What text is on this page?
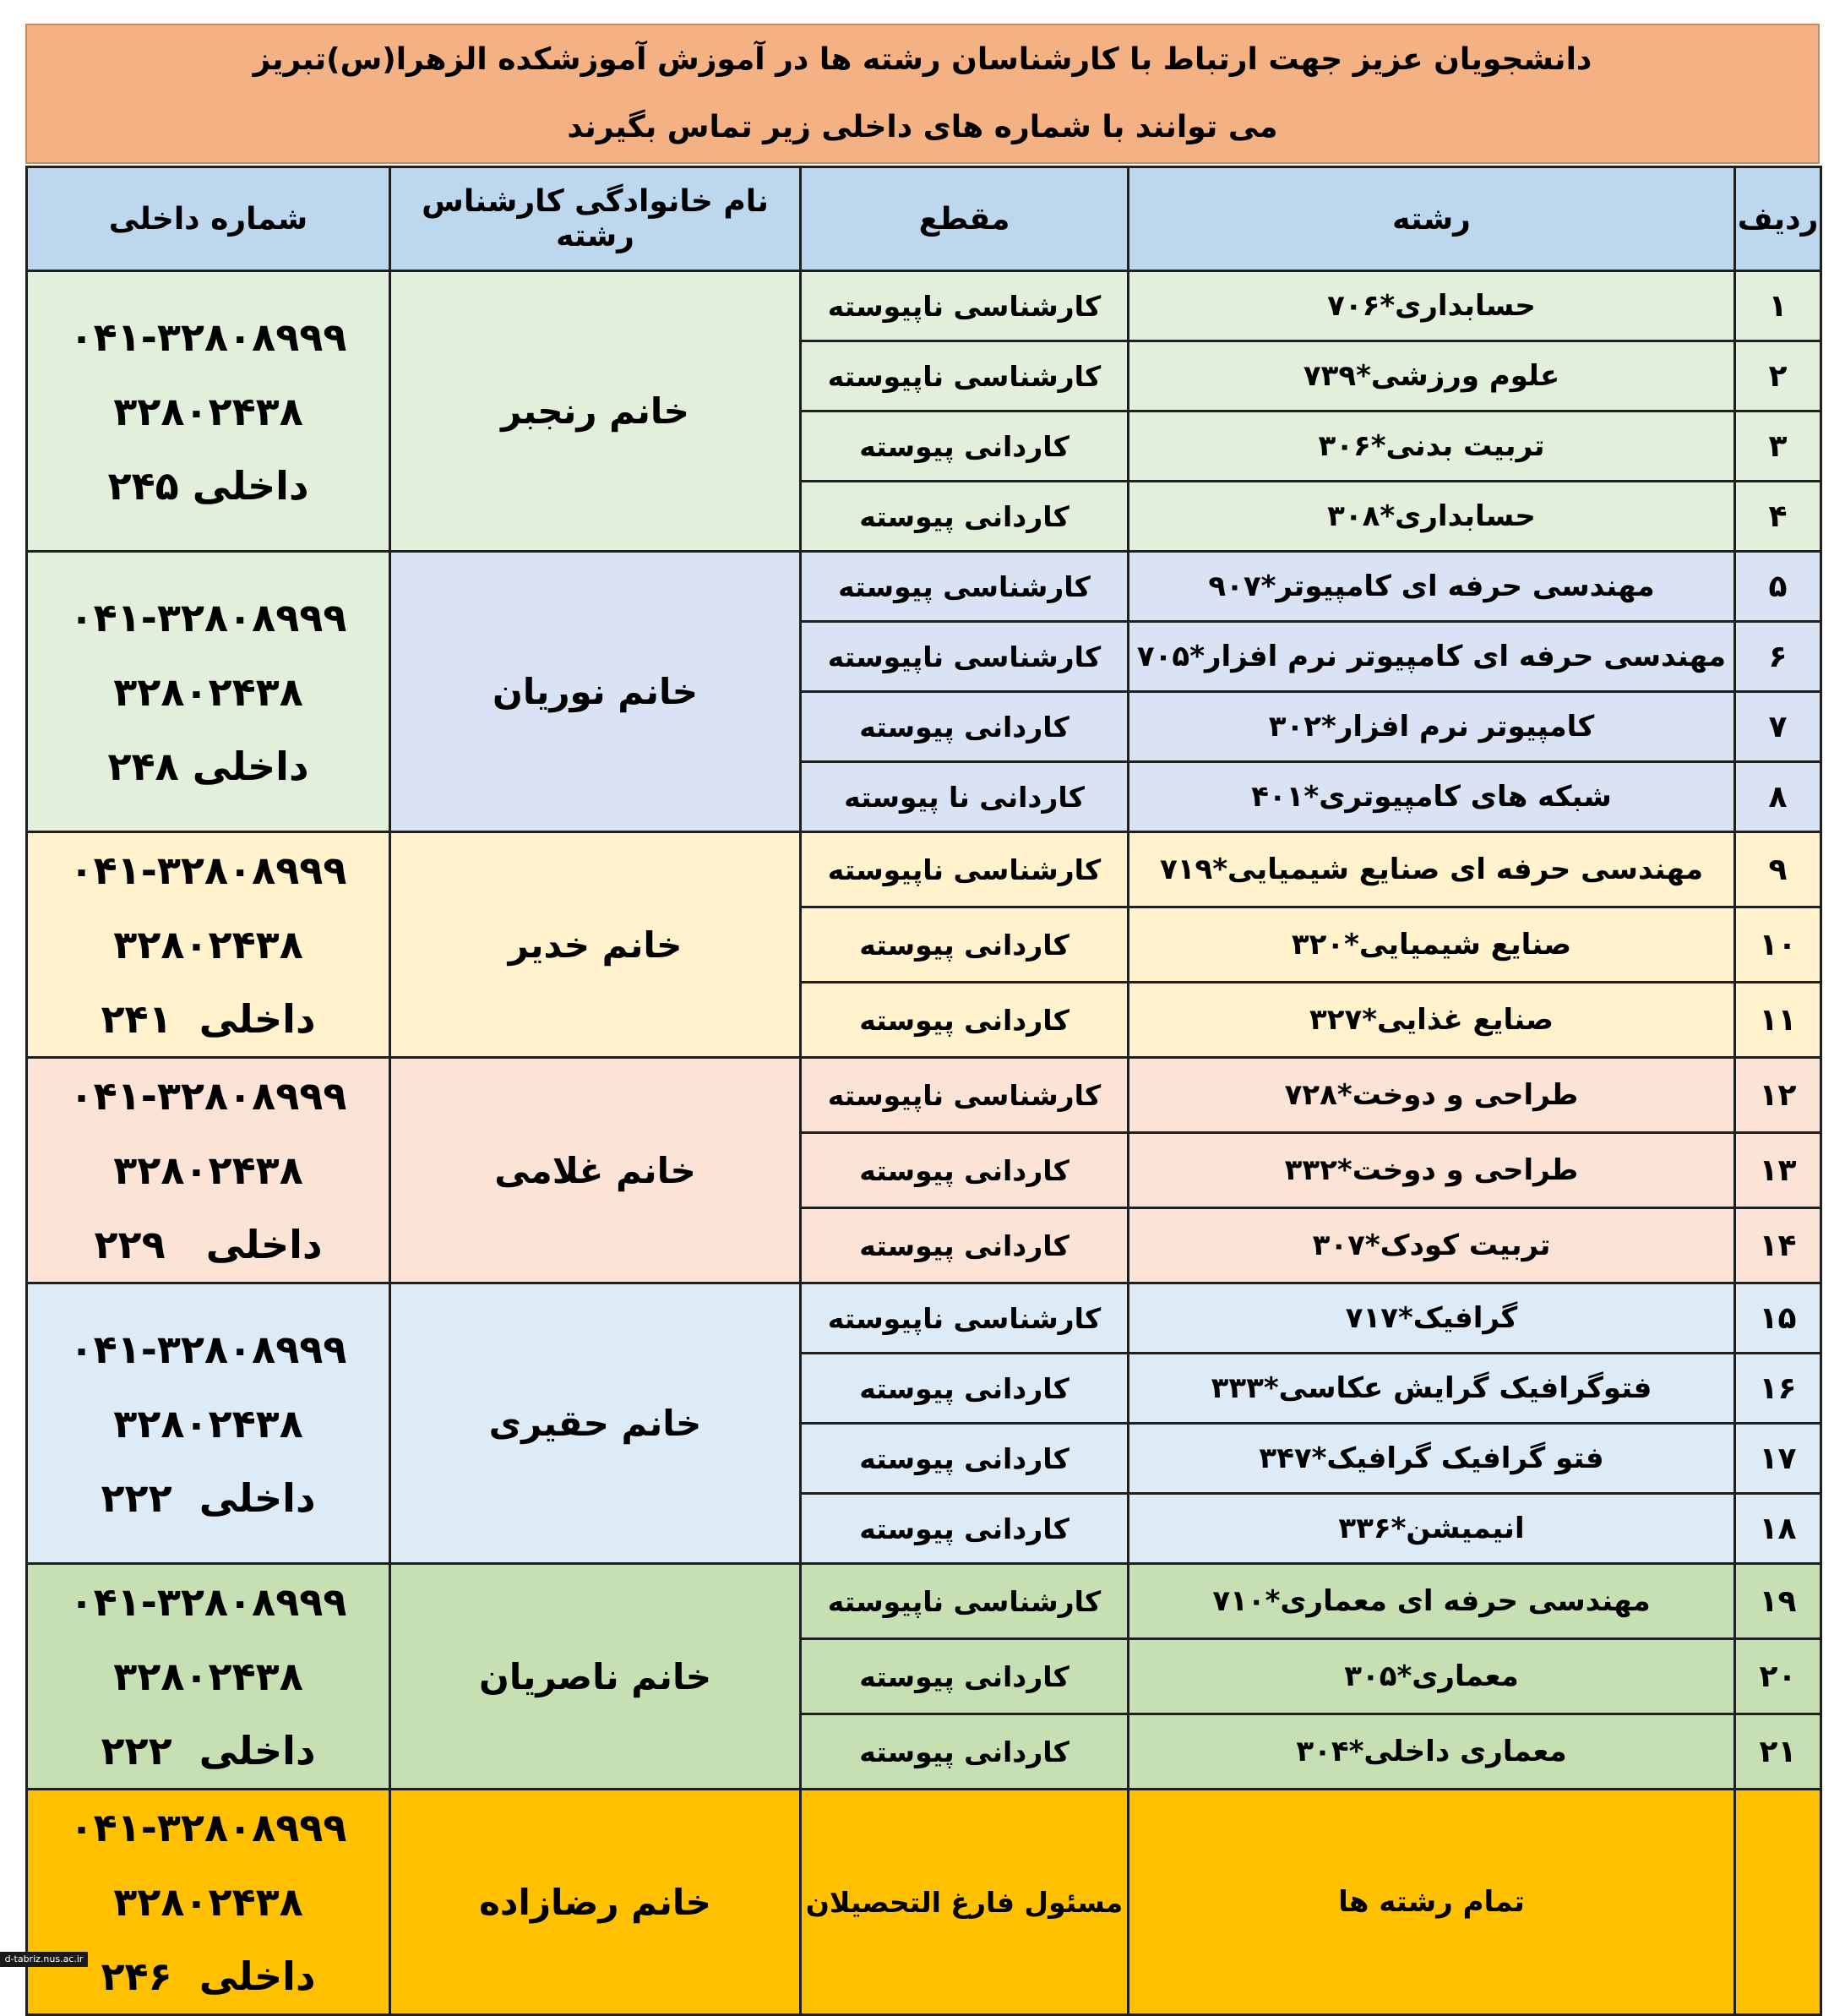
دانشجویان عزیز جهت ارتباط با کارشناسان رشته ها در آموزش آموزشکده الزهرا(س)تبریز
می توانند با شماره های داخلی زیر تماس بگیرند
ردیف	رشته	مقطع	نام خانوادگی کارشناس رشته	شماره داخلی
۱	حسابداری*۷۰۶	کارشناسی ناپیوسته	خانم رنجبر	۰۴۱-۳۲۸۰۸۹۹۹
۳۲۸۰۲۴۳۸
داخلی ۲۴۵

۲	علوم ورزشی*۷۳۹	کارشناسی ناپیوسته		
۳	تربیت بدنی*۳۰۶	کاردانی پیوسته		
۴	حسابداری*۳۰۸	کاردانی پیوسته		
۵	مهندسی حرفه ای کامپیوتر*۹۰۷	کارشناسی پیوسته	خانم نوریان	۰۴۱-۳۲۸۰۸۹۹۹
۳۲۸۰۲۴۳۸
داخلی ۲۴۸

۶	مهندسی حرفه ای کامپیوتر نرم افزار*۷۰۵	کارشناسی ناپیوسته		
۷	کامپیوتر نرم افزار*۳۰۲	کاردانی پیوسته		
۸	شبکه های کامپیوتری*۴۰۱	کاردانی نا پیوسته		
۹	مهندسی حرفه ای صنایع شیمیایی*۷۱۹	کارشناسی ناپیوسته	خانم خدیر	۰۴۱-۳۲۸۰۸۹۹۹
۳۲۸۰۲۴۳۸
داخلی  ۲۴۱

۱۰	صنایع شیمیایی*۳۲۰	کاردانی پیوسته		
۱۱	صنایع غذایی*۳۲۷	کاردانی پیوسته		
۱۲	طراحی و دوخت*۷۲۸	کارشناسی ناپیوسته	خانم غلامی	۰۴۱-۳۲۸۰۸۹۹۹
۳۲۸۰۲۴۳۸
داخلی   ۲۲۹

۱۳	طراحی و دوخت*۳۳۲	کاردانی پیوسته		
۱۴	تربیت کودک*۳۰۷	کاردانی پیوسته		
۱۵	گرافیک*۷۱۷	کارشناسی ناپیوسته	خانم حقیری	۰۴۱-۳۲۸۰۸۹۹۹
۳۲۸۰۲۴۳۸
داخلی  ۲۲۲

۱۶	فتوگرافیک گرایش عکاسی*۳۳۳	کاردانی پیوسته		
۱۷	فتو گرافیک گرافیک*۳۴۷	کاردانی پیوسته		
۱۸	انیمیشن*۳۳۶	کاردانی پیوسته		
۱۹	مهندسی حرفه ای معماری*۷۱۰	کارشناسی ناپیوسته	خانم ناصریان	۰۴۱-۳۲۸۰۸۹۹۹
۳۲۸۰۲۴۳۸
داخلی  ۲۲۲

۲۰	معماری*۳۰۵	کاردانی پیوسته		
۲۱	معماری داخلی*۳۰۴	کاردانی پیوسته		
	تمام رشته ها	مسئول فارغ التحصیلان	خانم رضازاده	۰۴۱-۳۲۸۰۸۹۹۹
۳۲۸۰۲۴۳۸
داخلی  ۲۴۶
d-tabriz.nus.ac.ir
